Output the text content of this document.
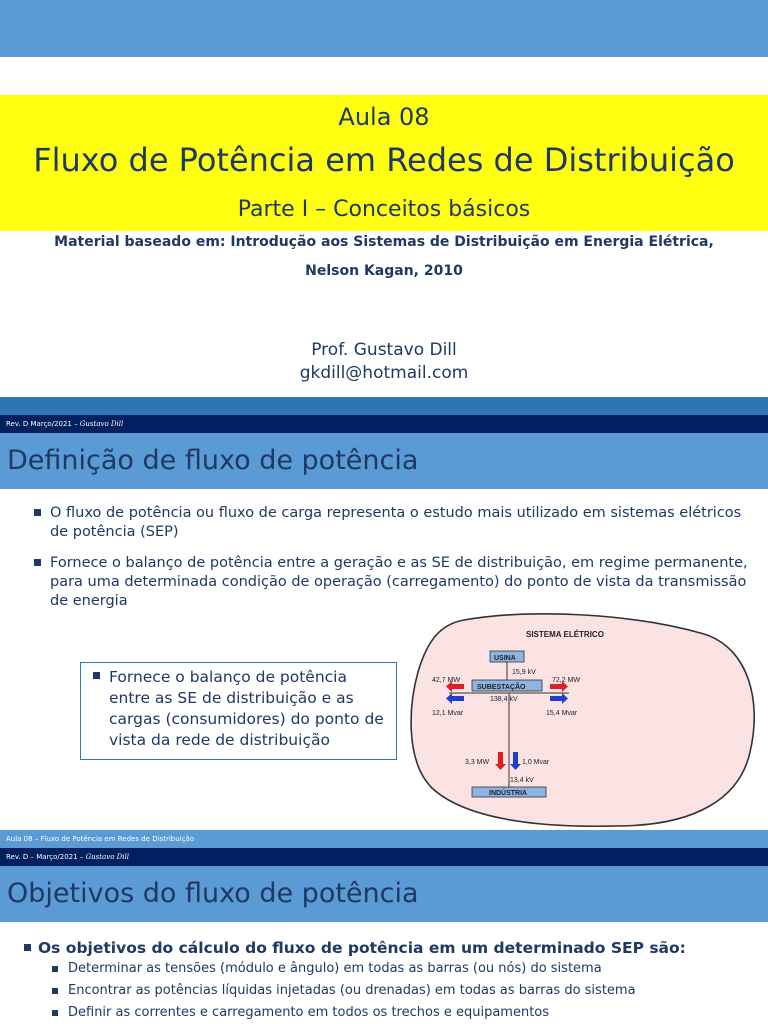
Aula 08
Fluxo de Potência em Redes de Distribuição
Parte I – Conceitos básicos
Material baseado em: Introdução aos Sistemas de Distribuição em Energia Elétrica,
Nelson Kagan, 2010
Prof. Gustavo Dill
gkdill@hotmail.com
Rev. D Março/2021 – Gustavo Dill
Definição de fluxo de potência
O fluxo de potência ou fluxo de carga representa o estudo mais utilizado em sistemas elétricos de potência (SEP)
Fornece o balanço de potência entre a geração e as SE de distribuição, em regime permanente, para uma determinada condição de operação (carregamento) do ponto de vista da transmissão de energia
Fornece o balanço de potência entre as SE de distribuição e as cargas (consumidores) do ponto de vista da rede de distribuição
SISTEMA ELÉTRICO
USINA
15,9 kV
SUBESTAÇÃO
138,4 kV
42,7 MW
12,1 Mvar
72,2 MW
15,4 Mvar
3,3 MW	1,0 Mvar
13,4 kV
INDÚSTRIA
Aula 08 – Fluxo de Potência em Redes de Distribuição
Rev. D – Março/2021 – Gustavo Dill
Objetivos do fluxo de potência
Os objetivos do cálculo do fluxo de potência em um determinado SEP são:
Determinar as tensões (módulo e ângulo) em todas as barras (ou nós) do sistema
Encontrar as potências líquidas injetadas (ou drenadas) em todas as barras do sistema
Definir as correntes e carregamento em todos os trechos e equipamentos
